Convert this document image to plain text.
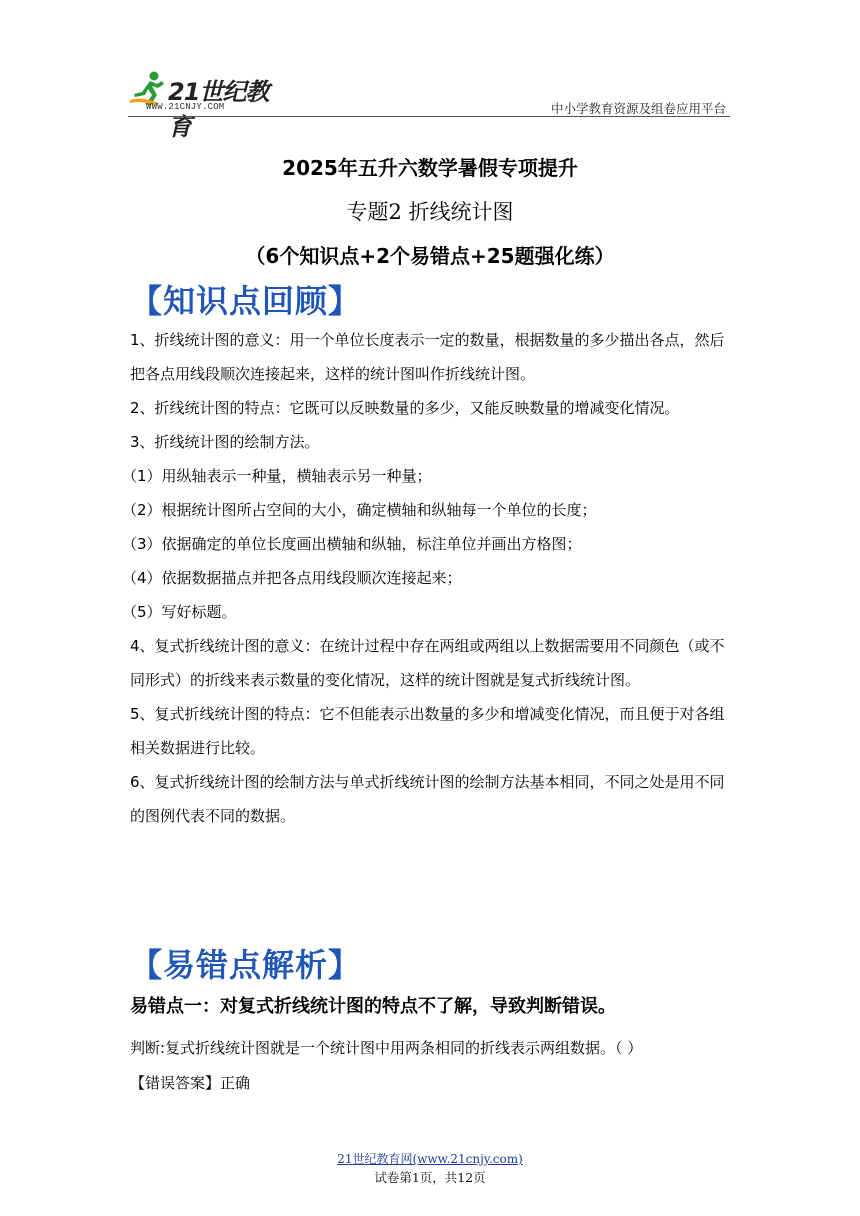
21世纪教育
WWW.21CNJY.COM	中小学教育资源及组卷应用平台
2025年五升六数学暑假专项提升
专题2 折线统计图
（6个知识点+2个易错点+25题强化练）
【知识点回顾】

1、折线统计图的意义：用一个单位长度表示一定的数量，根据数量的多少描出各点，然后把各点用线段顺次连接起来，这样的统计图叫作折线统计图。

2、折线统计图的特点：它既可以反映数量的多少，又能反映数量的增减变化情况。

3、折线统计图的绘制方法。

（1）用纵轴表示一种量，横轴表示另一种量；

（2）根据统计图所占空间的大小，确定横轴和纵轴每一个单位的长度；

（3）依据确定的单位长度画出横轴和纵轴，标注单位并画出方格图；

（4）依据数据描点并把各点用线段顺次连接起来；

（5）写好标题。

4、复式折线统计图的意义：在统计过程中存在两组或两组以上数据需要用不同颜色（或不同形式）的折线来表示数量的变化情况，这样的统计图就是复式折线统计图。

5、复式折线统计图的特点：它不但能表示出数量的多少和增减变化情况，而且便于对各组相关数据进行比较。

6、复式折线统计图的绘制方法与单式折线统计图的绘制方法基本相同，不同之处是用不同的图例代表不同的数据。

【易错点解析】
易错点一：对复式折线统计图的特点不了解，导致判断错误。
判断:复式折线统计图就是一个统计图中用两条相同的折线表示两组数据。（ ）
【错误答案】正确
21世纪教育网(www.21cnjy.com)
试卷第1页，共12页
